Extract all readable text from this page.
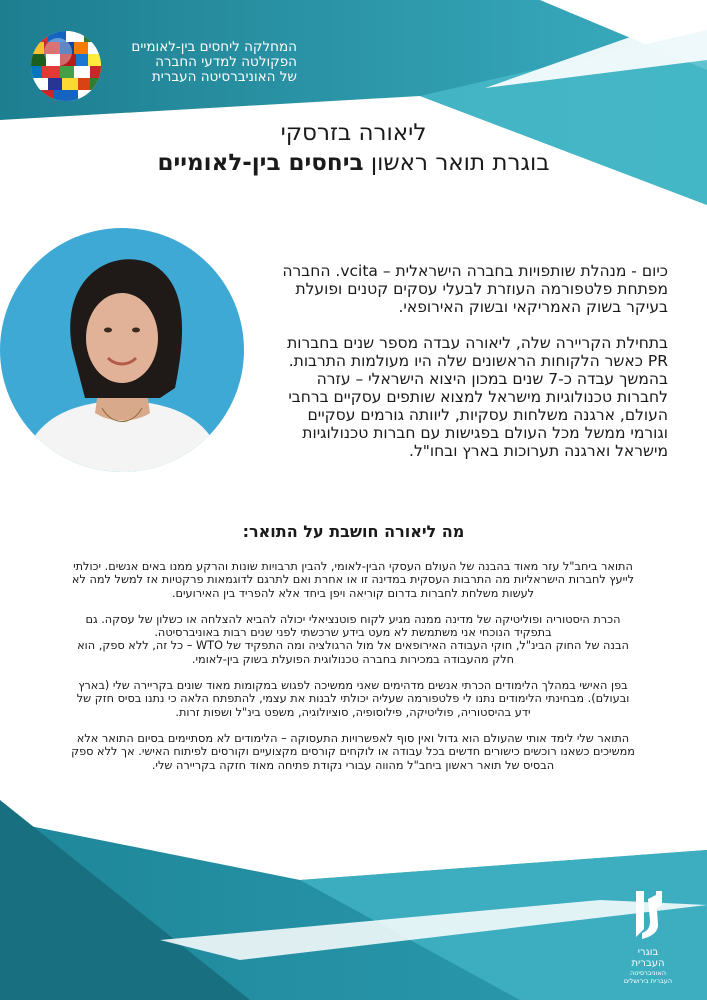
המחלקה ליחסים בין-לאומיים
הפקולטה למדעי החברה
של האוניברסיטה העברית
ליאורה בזרסקי
בוגרת תואר ראשון ביחסים בין-לאומיים

כיום - מנהלת שותפויות בחברה הישראלית – vcita. החברה מפתחת פלטפורמה העוזרת לבעלי עסקים קטנים ופועלת בעיקר בשוק האמריקאי ובשוק האירופאי.

בתחילת הקריירה שלה, ליאורה עבדה מספר שנים בחברות PR כאשר הלקוחות הראשונים שלה היו מעולמות התרבות. בהמשך עבדה כ-7 שנים במכון היצוא הישראלי – עזרה לחברות טכנולוגיות מישראל למצוא שותפים עסקיים ברחבי העולם, ארגנה משלחות עסקיות, ליוותה גורמים עסקיים וגורמי ממשל מכל העולם בפגישות עם חברות טכנולוגיות מישראל וארגנה תערוכות בארץ ובחו"ל.

מה ליאורה חושבת על התואר:

התואר ביחב"ל עזר מאוד בהבנה של העולם העסקי הבין-לאומי, להבין תרבויות שונות והרקע ממנו באים אנשים. יכולתי לייעץ לחברות הישראליות מה התרבות העסקית במדינה זו או אחרת ואם לתרגם לדוגמאות פרקטיות אז למשל למה לא לעשות משלחת לחברות בדרום קוריאה ויפן ביחד אלא להפריד בין האירועים.

הכרת היסטוריה ופוליטיקה של מדינה ממנה מגיע לקוח פוטנציאלי יכולה להביא להצלחה או כשלון של עסקה. גם בתפקיד הנוכחי אני משתמשת לא מעט בידע שרכשתי לפני שנים רבות באוניברסיטה.

הבנה של החוק הבינ"ל, חוקי העבודה האירופאים אל מול הרגולציה ומה התפקיד של WTO – כל זה, ללא ספק, הוא חלק מהעבודה במכירות בחברה טכנולוגית הפועלת בשוק בין-לאומי.

בפן האישי במהלך הלימודים הכרתי אנשים מדהימים שאני ממשיכה לפגוש במקומות מאוד שונים בקריירה שלי (בארץ ובעולם). מבחינתי הלימודים נתנו לי פלטפורמה שעליה יכולתי לבנות את עצמי, להתפתח הלאה כי נתנו בסיס חזק של ידע בהיסטוריה, פוליטיקה, פילוסופיה, סוציולוגיה, משפט בינ"ל ושפות זרות.

התואר שלי לימד אותי שהעולם הוא גדול ואין סוף לאפשרויות התעסוקה – הלימודים לא מסתיימים בסיום התואר אלא ממשיכים כשאנו רוכשים כישורים חדשים בכל עבודה או לוקחים קורסים מקצועיים וקורסים לפיתוח האישי. אך ללא ספק הבסיס של תואר ראשון ביחב"ל מהווה עבורי נקודת פתיחה מאוד חזקה בקריירה שלי.

בוגרי
העברית
האוניברסיטה
העברית בירושלים
